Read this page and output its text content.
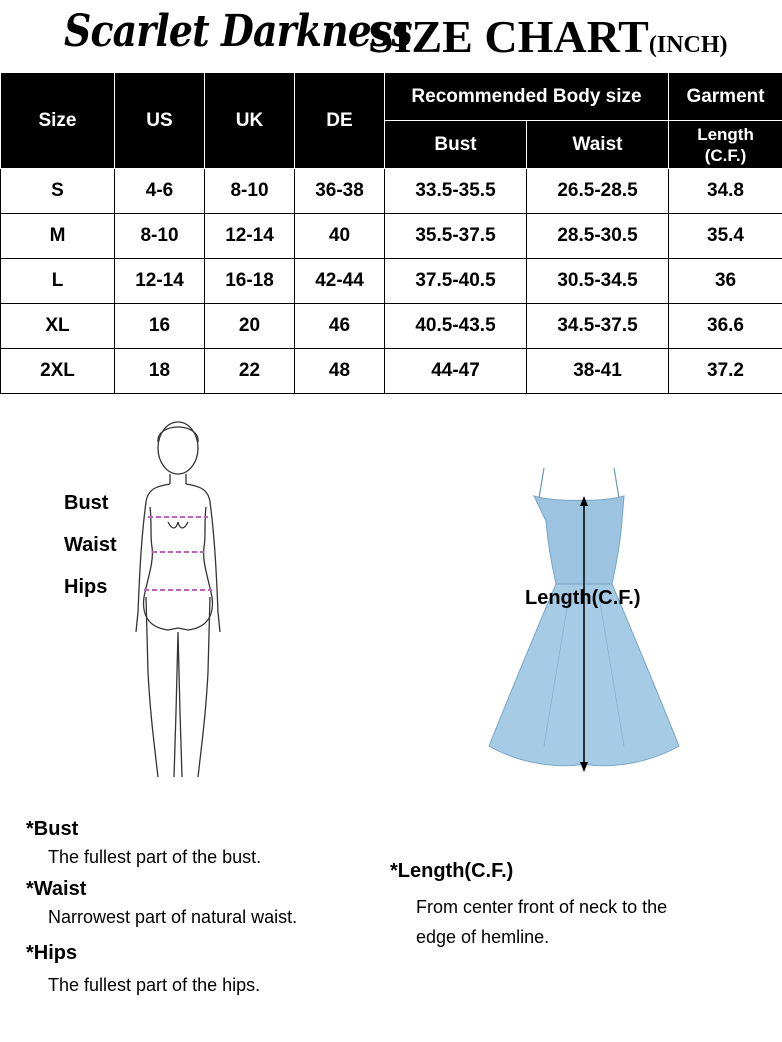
Scarlet Darkness
SIZE CHART(INCH)
Size	US	UK	DE	Recommended Body size		Garment
				Bust	Waist	Length
(C.F.)
S	4-6	8-10	36-38	33.5-35.5	26.5-28.5	34.8
M	8-10	12-14	40	35.5-37.5	28.5-30.5	35.4
L	12-14	16-18	42-44	37.5-40.5	30.5-34.5	36
XL	16	20	46	40.5-43.5	34.5-37.5	36.6
2XL	18	22	48	44-47	38-41	37.2
Bust
Waist
Hips	Length(C.F.)
*Bust
The fullest part of the bust.
*Waist
Narrowest part of natural waist.
*Hips
The fullest part of the hips.
*Length(C.F.)
From center front of neck to the
edge of hemline.
